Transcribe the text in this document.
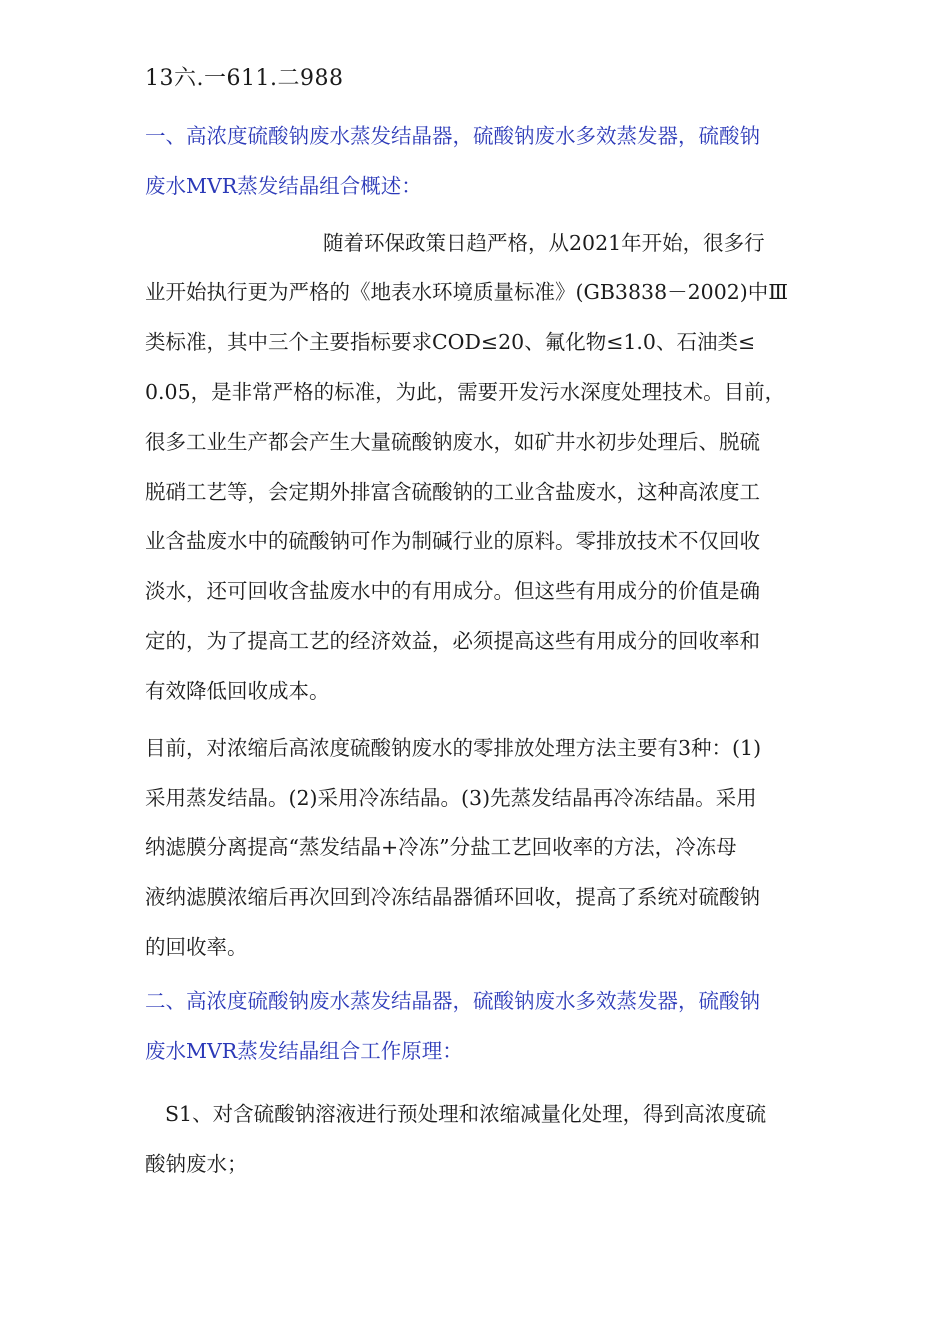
13六.一611.二988
一、高浓度硫酸钠废水蒸发结晶器，硫酸钠废水多效蒸发器，硫酸钠
废水MVR蒸发结晶组合概述：
随着环保政策日趋严格，从2021年开始，很多行
业开始执行更为严格的《地表水环境质量标准》(GB3838－2002)中Ⅲ
类标准，其中三个主要指标要求COD≤20、氟化物≤1.0、石油类≤
0.05，是非常严格的标准，为此，需要开发污水深度处理技术。目前，
很多工业生产都会产生大量硫酸钠废水，如矿井水初步处理后、脱硫
脱硝工艺等，会定期外排富含硫酸钠的工业含盐废水，这种高浓度工
业含盐废水中的硫酸钠可作为制碱行业的原料。零排放技术不仅回收
淡水，还可回收含盐废水中的有用成分。但这些有用成分的价值是确
定的，为了提高工艺的经济效益，必须提高这些有用成分的回收率和
有效降低回收成本。
目前，对浓缩后高浓度硫酸钠废水的零排放处理方法主要有3种：(1)
采用蒸发结晶。(2)采用冷冻结晶。(3)先蒸发结晶再冷冻结晶。采用
纳滤膜分离提高“蒸发结晶+冷冻”分盐工艺回收率的方法，冷冻母
液纳滤膜浓缩后再次回到冷冻结晶器循环回收，提高了系统对硫酸钠
的回收率。
二、高浓度硫酸钠废水蒸发结晶器，硫酸钠废水多效蒸发器，硫酸钠
废水MVR蒸发结晶组合工作原理：
S1、对含硫酸钠溶液进行预处理和浓缩减量化处理，得到高浓度硫
酸钠废水；
